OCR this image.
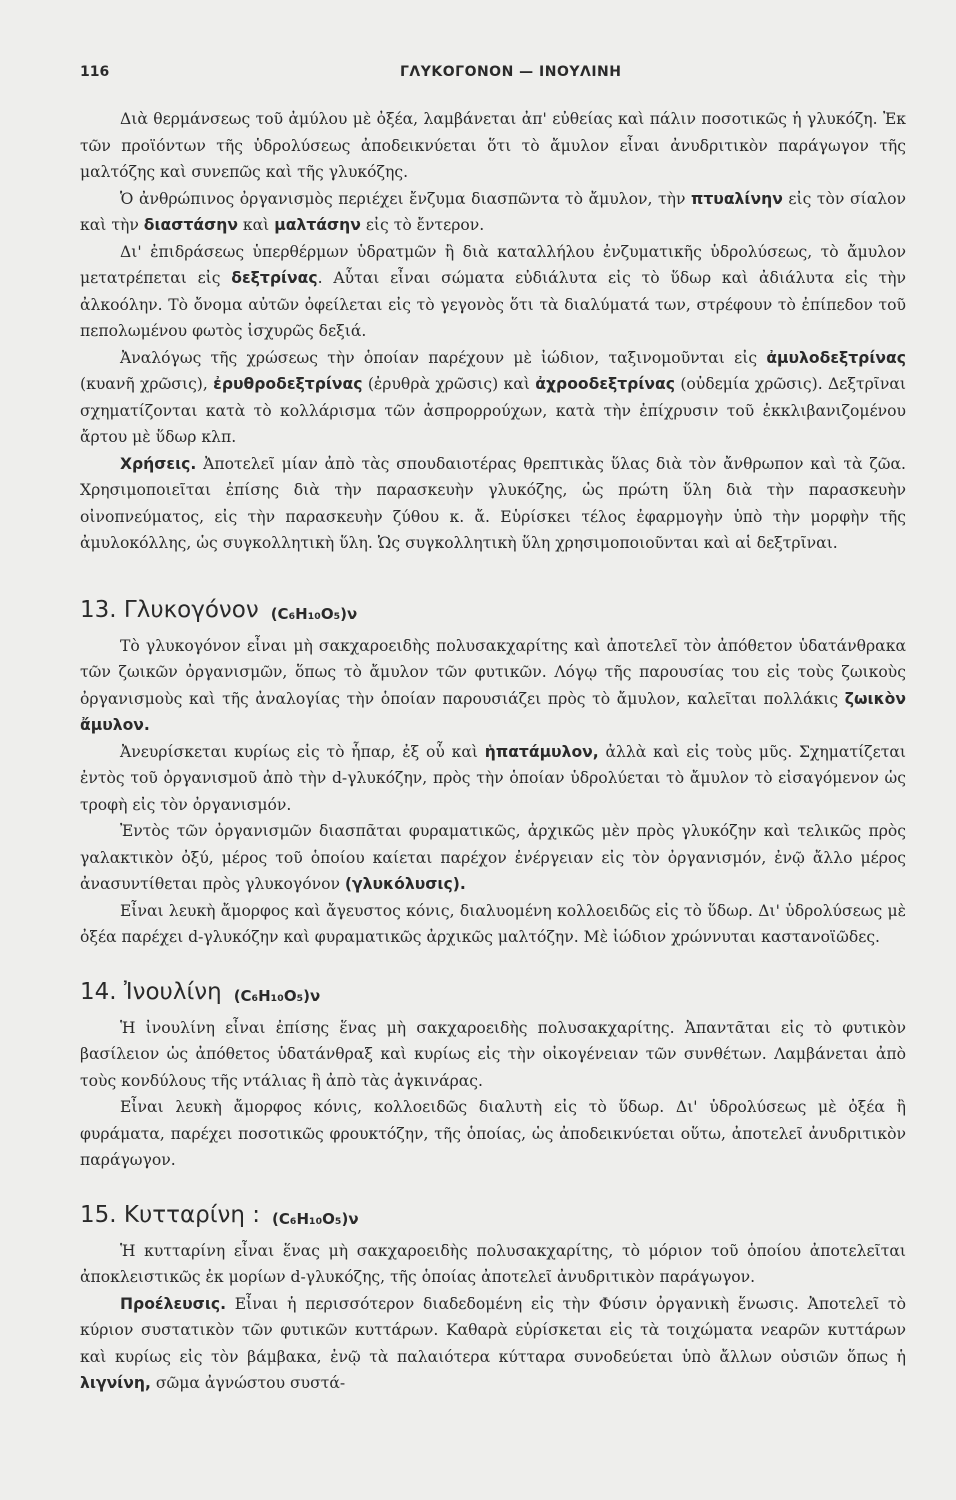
116	ΓΛΥΚΟΓΟΝΟΝ — ΙΝΟΥΛΙΝΗ

Διὰ θερμάνσεως τοῦ ἀμύλου μὲ ὀξέα, λαμβάνεται ἀπ' εὐθείας καὶ πάλιν ποσοτικῶς ἡ γλυκόζη. Ἐκ τῶν προϊόντων τῆς ὑδρολύσεως ἀποδεικνύεται ὅτι τὸ ἄμυλον εἶναι ἀνυδριτικὸν παράγωγον τῆς μαλτόζης καὶ συνεπῶς καὶ τῆς γλυκόζης.

Ὁ ἀνθρώπινος ὀργανισμὸς περιέχει ἔνζυμα διασπῶντα τὸ ἄμυλον, τὴν πτυαλίνην εἰς τὸν σίαλον καὶ τὴν διαστάσην καὶ μαλτάσην εἰς τὸ ἔντερον.

Δι' ἐπιδράσεως ὑπερθέρμων ὑδρατμῶν ἢ διὰ καταλλήλου ἐνζυματικῆς ὑδρολύσεως, τὸ ἄμυλον μετατρέπεται εἰς δεξτρίνας. Αὗται εἶναι σώματα εὐδιάλυτα εἰς τὸ ὕδωρ καὶ ἀδιάλυτα εἰς τὴν ἀλκοόλην. Τὸ ὄνομα αὐτῶν ὀφείλεται εἰς τὸ γεγονὸς ὅτι τὰ διαλύματά των, στρέφουν τὸ ἐπίπεδον τοῦ πεπολωμένου φωτὸς ἰσχυρῶς δεξιά.

Ἀναλόγως τῆς χρώσεως τὴν ὁποίαν παρέχουν μὲ ἰώδιον, ταξινομοῦνται εἰς ἀμυλοδεξτρίνας (κυανῆ χρῶσις), ἐρυθροδεξτρίνας (ἐρυθρὰ χρῶσις) καὶ ἀχροοδεξτρίνας (οὐδεμία χρῶσις). Δεξτρῖναι σχηματίζονται κατὰ τὸ κολλάρισμα τῶν ἀσπρορρούχων, κατὰ τὴν ἐπίχρυσιν τοῦ ἐκκλιβανιζομένου ἄρτου μὲ ὕδωρ κλπ.

Χρήσεις. Ἀποτελεῖ μίαν ἀπὸ τὰς σπουδαιοτέρας θρεπτικὰς ὕλας διὰ τὸν ἄνθρωπον καὶ τὰ ζῶα. Χρησιμοποιεῖται ἐπίσης διὰ τὴν παρασκευὴν γλυκόζης, ὡς πρώτη ὕλη διὰ τὴν παρασκευὴν οἰνοπνεύματος, εἰς τὴν παρασκευὴν ζύθου κ. ἄ. Εὑρίσκει τέλος ἐφαρμογὴν ὑπὸ τὴν μορφὴν τῆς ἀμυλοκόλλης, ὡς συγκολλητικὴ ὕλη. Ὡς συγκολλητικὴ ὕλη χρησιμοποιοῦνται καὶ αἱ δεξτρῖναι.

13. Γλυκογόνον (C₆H₁₀O₅)ν

Τὸ γλυκογόνον εἶναι μὴ σακχαροειδὴς πολυσακχαρίτης καὶ ἀποτελεῖ τὸν ἀπόθετον ὑδατάνθρακα τῶν ζωικῶν ὀργανισμῶν, ὅπως τὸ ἄμυλον τῶν φυτικῶν. Λόγῳ τῆς παρουσίας του εἰς τοὺς ζωικοὺς ὀργανισμοὺς καὶ τῆς ἀναλογίας τὴν ὁποίαν παρουσιάζει πρὸς τὸ ἄμυλον, καλεῖται πολλάκις ζωικὸν ἄμυλον.

Ἀνευρίσκεται κυρίως εἰς τὸ ἧπαρ, ἐξ οὗ καὶ ἡπατάμυλον, ἀλλὰ καὶ εἰς τοὺς μῦς. Σχηματίζεται ἐντὸς τοῦ ὀργανισμοῦ ἀπὸ τὴν d-γλυκόζην, πρὸς τὴν ὁποίαν ὑδρολύεται τὸ ἄμυλον τὸ εἰσαγόμενον ὡς τροφὴ εἰς τὸν ὀργανισμόν.

Ἐντὸς τῶν ὀργανισμῶν διασπᾶται φυραματικῶς, ἀρχικῶς μὲν πρὸς γλυκόζην καὶ τελικῶς πρὸς γαλακτικὸν ὀξύ, μέρος τοῦ ὁποίου καίεται παρέχον ἐνέργειαν εἰς τὸν ὀργανισμόν, ἐνῷ ἄλλο μέρος ἀνασυντίθεται πρὸς γλυκογόνον (γλυκόλυσις).

Εἶναι λευκὴ ἄμορφος καὶ ἄγευστος κόνις, διαλυομένη κολλοειδῶς εἰς τὸ ὕδωρ. Δι' ὑδρολύσεως μὲ ὀξέα παρέχει d-γλυκόζην καὶ φυραματικῶς ἀρχικῶς μαλτόζην. Μὲ ἰώδιον χρώννυται καστανοϊῶδες.

14. Ἰνουλίνη (C₆H₁₀O₅)ν

Ἡ ἰνουλίνη εἶναι ἐπίσης ἕνας μὴ σακχαροειδὴς πολυσακχαρίτης. Ἀπαντᾶται εἰς τὸ φυτικὸν βασίλειον ὡς ἀπόθετος ὑδατάνθραξ καὶ κυρίως εἰς τὴν οἰκογένειαν τῶν συνθέτων. Λαμβάνεται ἀπὸ τοὺς κονδύλους τῆς ντάλιας ἢ ἀπὸ τὰς ἀγκινάρας.

Εἶναι λευκὴ ἄμορφος κόνις, κολλοειδῶς διαλυτὴ εἰς τὸ ὕδωρ. Δι' ὑδρολύσεως μὲ ὀξέα ἢ φυράματα, παρέχει ποσοτικῶς φρουκτόζην, τῆς ὁποίας, ὡς ἀποδεικνύεται οὕτω, ἀποτελεῖ ἀνυδριτικὸν παράγωγον.

15. Κυτταρίνη : (C₆H₁₀O₅)ν

Ἡ κυτταρίνη εἶναι ἕνας μὴ σακχαροειδὴς πολυσακχαρίτης, τὸ μόριον τοῦ ὁποίου ἀποτελεῖται ἀποκλειστικῶς ἐκ μορίων d-γλυκόζης, τῆς ὁποίας ἀποτελεῖ ἀνυδριτικὸν παράγωγον.

Προέλευσις. Εἶναι ἡ περισσότερον διαδεδομένη εἰς τὴν Φύσιν ὀργανικὴ ἕνωσις. Ἀποτελεῖ τὸ κύριον συστατικὸν τῶν φυτικῶν κυττάρων. Καθαρὰ εὑρίσκεται εἰς τὰ τοιχώματα νεαρῶν κυττάρων καὶ κυρίως εἰς τὸν βάμβακα, ἐνῷ τὰ παλαιότερα κύτταρα συνοδεύεται ὑπὸ ἄλλων οὐσιῶν ὅπως ἡ λιγνίνη, σῶμα ἀγνώστου συστά-
